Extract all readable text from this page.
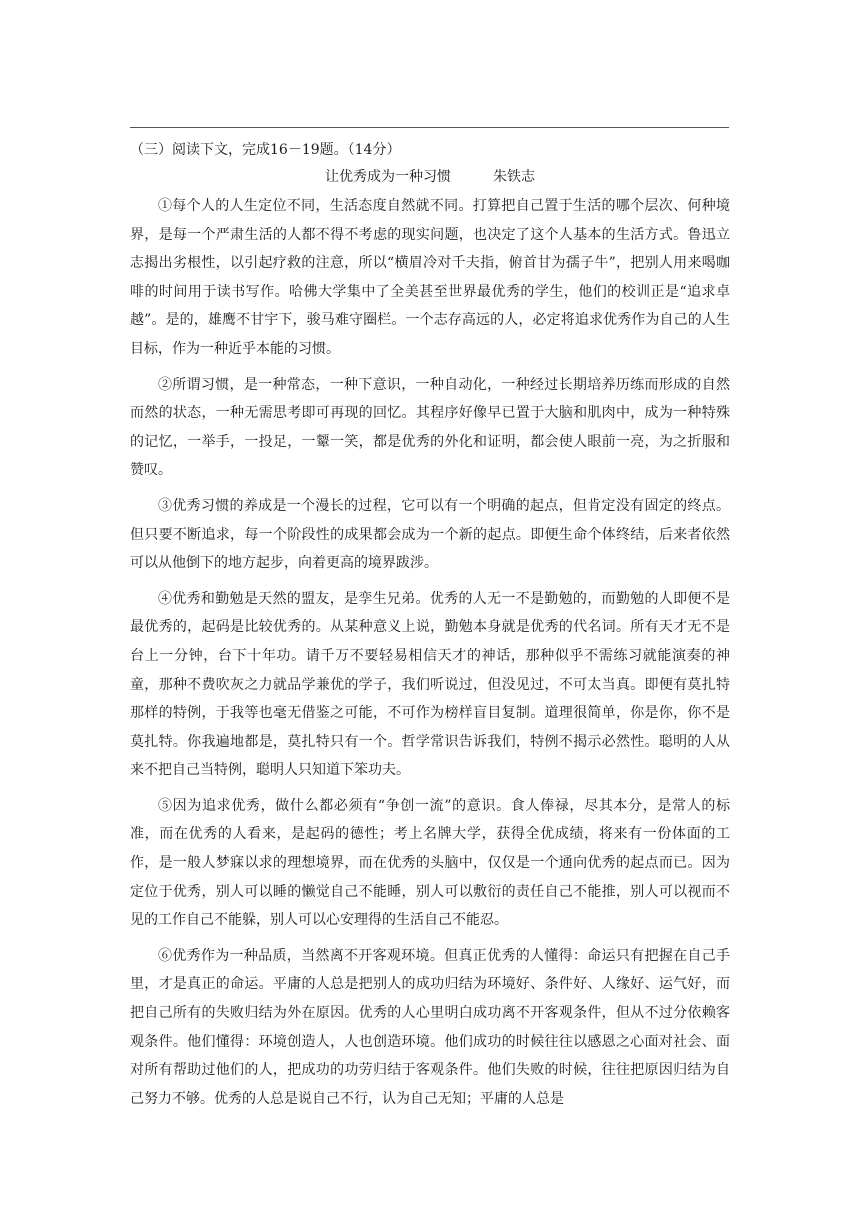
（三）阅读下文，完成16－19题。（14分）
让优秀成为一种习惯	朱铁志

①每个人的人生定位不同，生活态度自然就不同。打算把自己置于生活的哪个层次、何种境界，是每一个严肃生活的人都不得不考虑的现实问题，也决定了这个人基本的生活方式。鲁迅立志揭出劣根性，以引起疗救的注意，所以“横眉冷对千夫指，俯首甘为孺子牛”，把别人用来喝咖啡的时间用于读书写作。哈佛大学集中了全美甚至世界最优秀的学生，他们的校训正是“追求卓越”。是的，雄鹰不甘宇下，骏马难守圈栏。一个志存高远的人，必定将追求优秀作为自己的人生目标，作为一种近乎本能的习惯。

②所谓习惯，是一种常态，一种下意识，一种自动化，一种经过长期培养历练而形成的自然而然的状态，一种无需思考即可再现的回忆。其程序好像早已置于大脑和肌肉中，成为一种特殊的记忆，一举手，一投足，一颦一笑，都是优秀的外化和证明，都会使人眼前一亮，为之折服和赞叹。

③优秀习惯的养成是一个漫长的过程，它可以有一个明确的起点，但肯定没有固定的终点。但只要不断追求，每一个阶段性的成果都会成为一个新的起点。即便生命个体终结，后来者依然可以从他倒下的地方起步，向着更高的境界跋涉。

④优秀和勤勉是天然的盟友，是孪生兄弟。优秀的人无一不是勤勉的，而勤勉的人即便不是最优秀的，起码是比较优秀的。从某种意义上说，勤勉本身就是优秀的代名词。所有天才无不是台上一分钟，台下十年功。请千万不要轻易相信天才的神话，那种似乎不需练习就能演奏的神童，那种不费吹灰之力就品学兼优的学子，我们听说过，但没见过，不可太当真。即便有莫扎特那样的特例，于我等也毫无借鉴之可能，不可作为榜样盲目复制。道理很简单，你是你，你不是莫扎特。你我遍地都是，莫扎特只有一个。哲学常识告诉我们，特例不揭示必然性。聪明的人从来不把自己当特例，聪明人只知道下笨功夫。

⑤因为追求优秀，做什么都必须有“争创一流”的意识。食人俸禄，尽其本分，是常人的标准，而在优秀的人看来，是起码的德性；考上名牌大学，获得全优成绩，将来有一份体面的工作，是一般人梦寐以求的理想境界，而在优秀的头脑中，仅仅是一个通向优秀的起点而已。因为定位于优秀，别人可以睡的懒觉自己不能睡，别人可以敷衍的责任自己不能推，别人可以视而不见的工作自己不能躲，别人可以心安理得的生活自己不能忍。

⑥优秀作为一种品质，当然离不开客观环境。但真正优秀的人懂得：命运只有把握在自己手里，才是真正的命运。平庸的人总是把别人的成功归结为环境好、条件好、人缘好、运气好，而把自己所有的失败归结为外在原因。优秀的人心里明白成功离不开客观条件，但从不过分依赖客观条件。他们懂得：环境创造人，人也创造环境。他们成功的时候往往以感恩之心面对社会、面对所有帮助过他们的人，把成功的功劳归结于客观条件。他们失败的时候，往往把原因归结为自己努力不够。优秀的人总是说自己不行，认为自己无知；平庸的人总是
